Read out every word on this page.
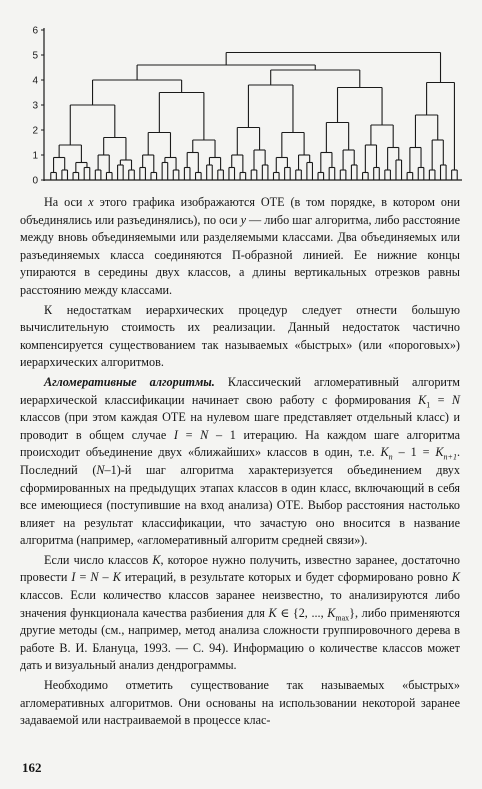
0
1
2
3
4
5
6

На оси x этого графика изображаются ОТЕ (в том порядке, в котором они объединялись или разъединялись), по оси y — либо шаг алгоритма, либо расстояние между вновь объединяемыми или разделяемыми классами. Два объединяемых или разъединяемых класса соединяются П-образной линией. Ее нижние концы упираются в середины двух классов, а длины вертикальных отрезков равны расстоянию между классами.

К недостаткам иерархических процедур следует отнести большую вычислительную стоимость их реализации. Данный недостаток частично компенсируется существованием так называемых «быстрых» (или «пороговых») иерархических алгоритмов.

Агломеративные алгоритмы. Классический агломеративный алгоритм иерархической классификации начинает свою работу с формирования $K_1 = N$ классов (при этом каждая ОТЕ на нулевом шаге представляет отдельный класс) и проводит в общем случае I = N – 1 итерацию. На каждом шаге алгоритма происходит объединение двух «ближайших» классов в один, т.е. $K_n - 1 = K_{n+1}$. Последний (N–1)-й шаг алгоритма характеризуется объединением двух сформированных на предыдущих этапах классов в один класс, включающий в себя все имеющиеся (поступившие на вход анализа) ОТЕ. Выбор расстояния настолько влияет на результат классификации, что зачастую оно вносится в название алгоритма (например, «агломеративный алгоритм средней связи»).

Если число классов K, которое нужно получить, известно заранее, достаточно провести I = N – K итераций, в результате которых и будет сформировано ровно K классов. Если количество классов заранее неизвестно, то анализируются либо значения функционала качества разбиения для K ∈ {2, ..., $K_{max}$}, либо применяются другие методы (см., например, метод анализа сложности группировочного дерева в работе В. И. Блануца, 1993. — С. 94). Информацию о количестве классов может дать и визуальный анализ дендрограммы.

Необходимо отметить существование так называемых «быстрых» агломеративных алгоритмов. Они основаны на использовании некоторой заранее задаваемой или настраиваемой в процессе клас-

162
